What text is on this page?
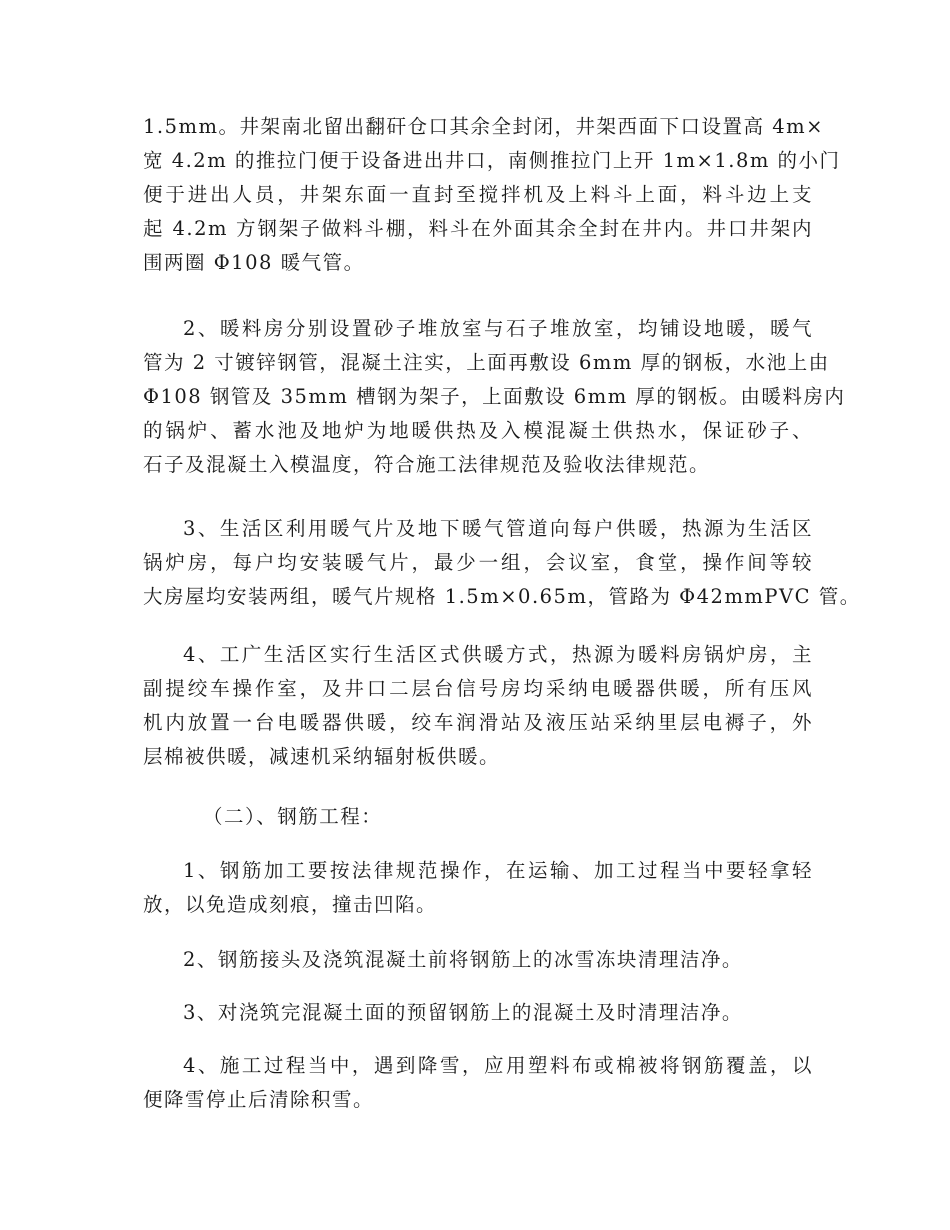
1.5mm。井架南北留出翻矸仓口其余全封闭，井架西面下口设置高 4m×
宽 4.2m 的推拉门便于设备进出井口，南侧推拉门上开 1m×1.8m 的小门
便于进出人员，井架东面一直封至搅拌机及上料斗上面，料斗边上支
起 4.2m 方钢架子做料斗棚，料斗在外面其余全封在井内。井口井架内
围两圈 Φ108 暖气管。
2、暖料房分别设置砂子堆放室与石子堆放室，均铺设地暖，暖气
管为 2 寸镀锌钢管，混凝土注实，上面再敷设 6mm 厚的钢板，水池上由
Φ108 钢管及 35mm 槽钢为架子，上面敷设 6mm 厚的钢板。由暖料房内
的锅炉、蓄水池及地炉为地暖供热及入模混凝土供热水，保证砂子、
石子及混凝土入模温度，符合施工法律规范及验收法律规范。
3、生活区利用暖气片及地下暖气管道向每户供暖，热源为生活区
锅炉房，每户均安装暖气片，最少一组，会议室，食堂，操作间等较
大房屋均安装两组，暖气片规格 1.5m×0.65m，管路为 Φ42mmPVC 管。
4、工广生活区实行生活区式供暖方式，热源为暖料房锅炉房，主
副提绞车操作室，及井口二层台信号房均采纳电暖器供暖，所有压风
机内放置一台电暖器供暖，绞车润滑站及液压站采纳里层电褥子，外
层棉被供暖，减速机采纳辐射板供暖。
（二）、钢筋工程：
1、钢筋加工要按法律规范操作，在运输、加工过程当中要轻拿轻
放，以免造成刻痕，撞击凹陷。
2、钢筋接头及浇筑混凝土前将钢筋上的冰雪冻块清理洁净。
3、对浇筑完混凝土面的预留钢筋上的混凝土及时清理洁净。
4、施工过程当中，遇到降雪，应用塑料布或棉被将钢筋覆盖，以
便降雪停止后清除积雪。
